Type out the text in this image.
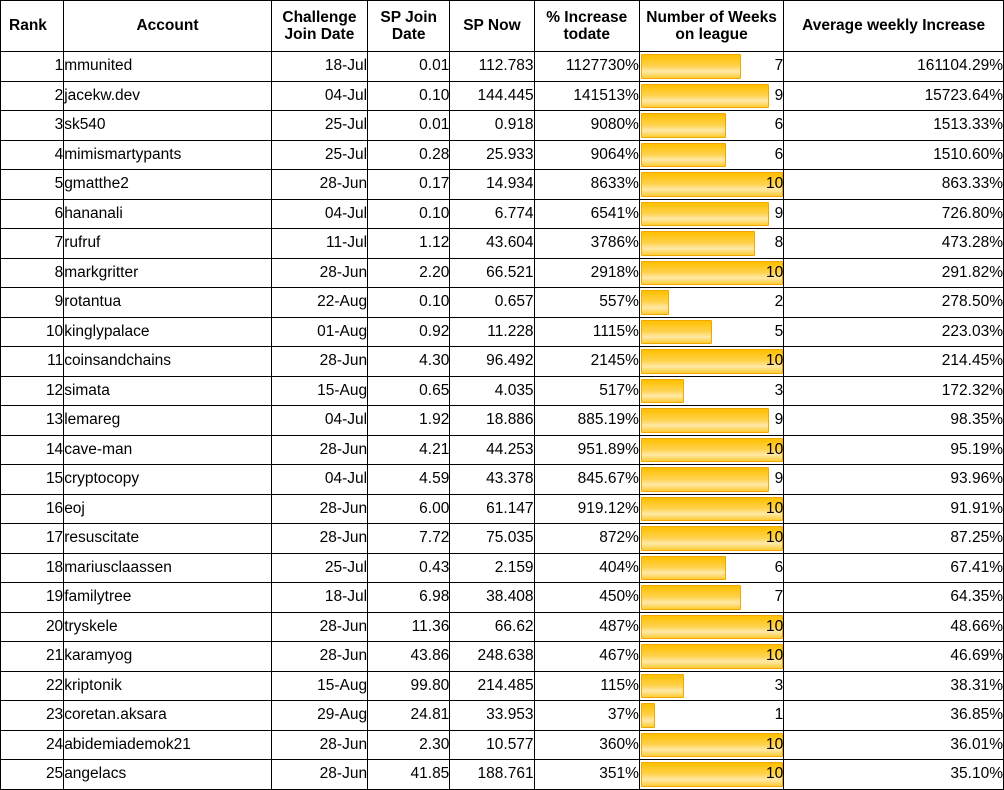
Rank	Account	Challenge Join Date	SP Join Date	SP Now	% Increase todate	Number of Weeks on league	Average weekly Increase
1	mmunited	18-Jul	0.01	112.783	1127730%	7	161104.29%
2	jacekw.dev	04-Jul	0.10	144.445	141513%	9	15723.64%
3	sk540	25-Jul	0.01	0.918	9080%	6	1513.33%
4	mimismartypants	25-Jul	0.28	25.933	9064%	6	1510.60%
5	gmatthe2	28-Jun	0.17	14.934	8633%	10	863.33%
6	hananali	04-Jul	0.10	6.774	6541%	9	726.80%
7	rufruf	11-Jul	1.12	43.604	3786%	8	473.28%
8	markgritter	28-Jun	2.20	66.521	2918%	10	291.82%
9	rotantua	22-Aug	0.10	0.657	557%	2	278.50%
10	kinglypalace	01-Aug	0.92	11.228	1115%	5	223.03%
11	coinsandchains	28-Jun	4.30	96.492	2145%	10	214.45%
12	simata	15-Aug	0.65	4.035	517%	3	172.32%
13	lemareg	04-Jul	1.92	18.886	885.19%	9	98.35%
14	cave-man	28-Jun	4.21	44.253	951.89%	10	95.19%
15	cryptocopy	04-Jul	4.59	43.378	845.67%	9	93.96%
16	eoj	28-Jun	6.00	61.147	919.12%	10	91.91%
17	resuscitate	28-Jun	7.72	75.035	872%	10	87.25%
18	mariusclaassen	25-Jul	0.43	2.159	404%	6	67.41%
19	familytree	18-Jul	6.98	38.408	450%	7	64.35%
20	tryskele	28-Jun	11.36	66.62	487%	10	48.66%
21	karamyog	28-Jun	43.86	248.638	467%	10	46.69%
22	kriptonik	15-Aug	99.80	214.485	115%	3	38.31%
23	coretan.aksara	29-Aug	24.81	33.953	37%	1	36.85%
24	abidemiademok21	28-Jun	2.30	10.577	360%	10	36.01%
25	angelacs	28-Jun	41.85	188.761	351%	10	35.10%
